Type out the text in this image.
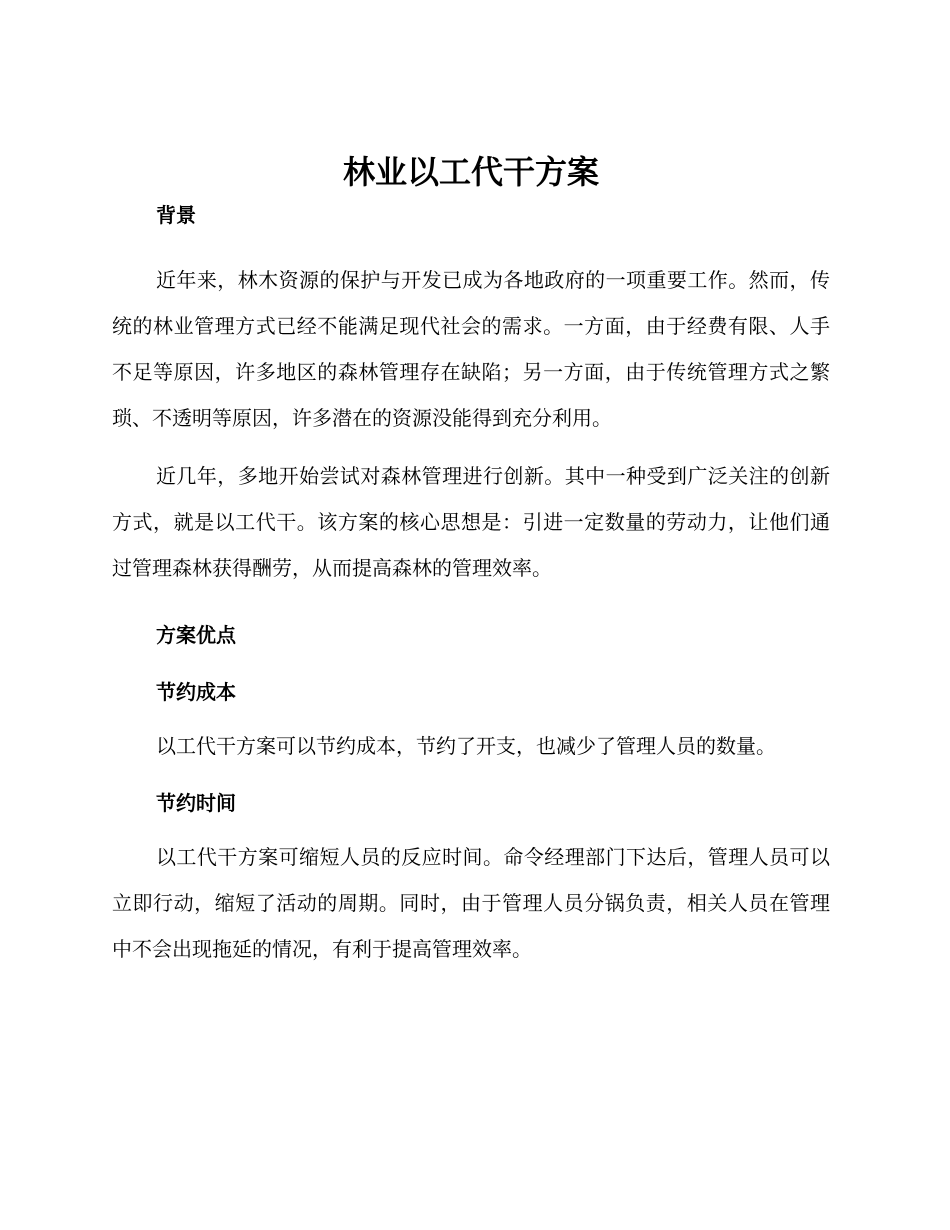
林业以工代干方案
背景

近年来，林木资源的保护与开发已成为各地政府的一项重要工作。然而，传统的林业管理方式已经不能满足现代社会的需求。一方面，由于经费有限、人手不足等原因，许多地区的森林管理存在缺陷；另一方面，由于传统管理方式之繁琐、不透明等原因，许多潜在的资源没能得到充分利用。

近几年，多地开始尝试对森林管理进行创新。其中一种受到广泛关注的创新方式，就是以工代干。该方案的核心思想是：引进一定数量的劳动力，让他们通过管理森林获得酬劳，从而提高森林的管理效率。

方案优点
节约成本

以工代干方案可以节约成本，节约了开支，也减少了管理人员的数量。

节约时间

以工代干方案可缩短人员的反应时间。命令经理部门下达后，管理人员可以立即行动，缩短了活动的周期。同时，由于管理人员分锅负责，相关人员在管理中不会出现拖延的情况，有利于提高管理效率。
